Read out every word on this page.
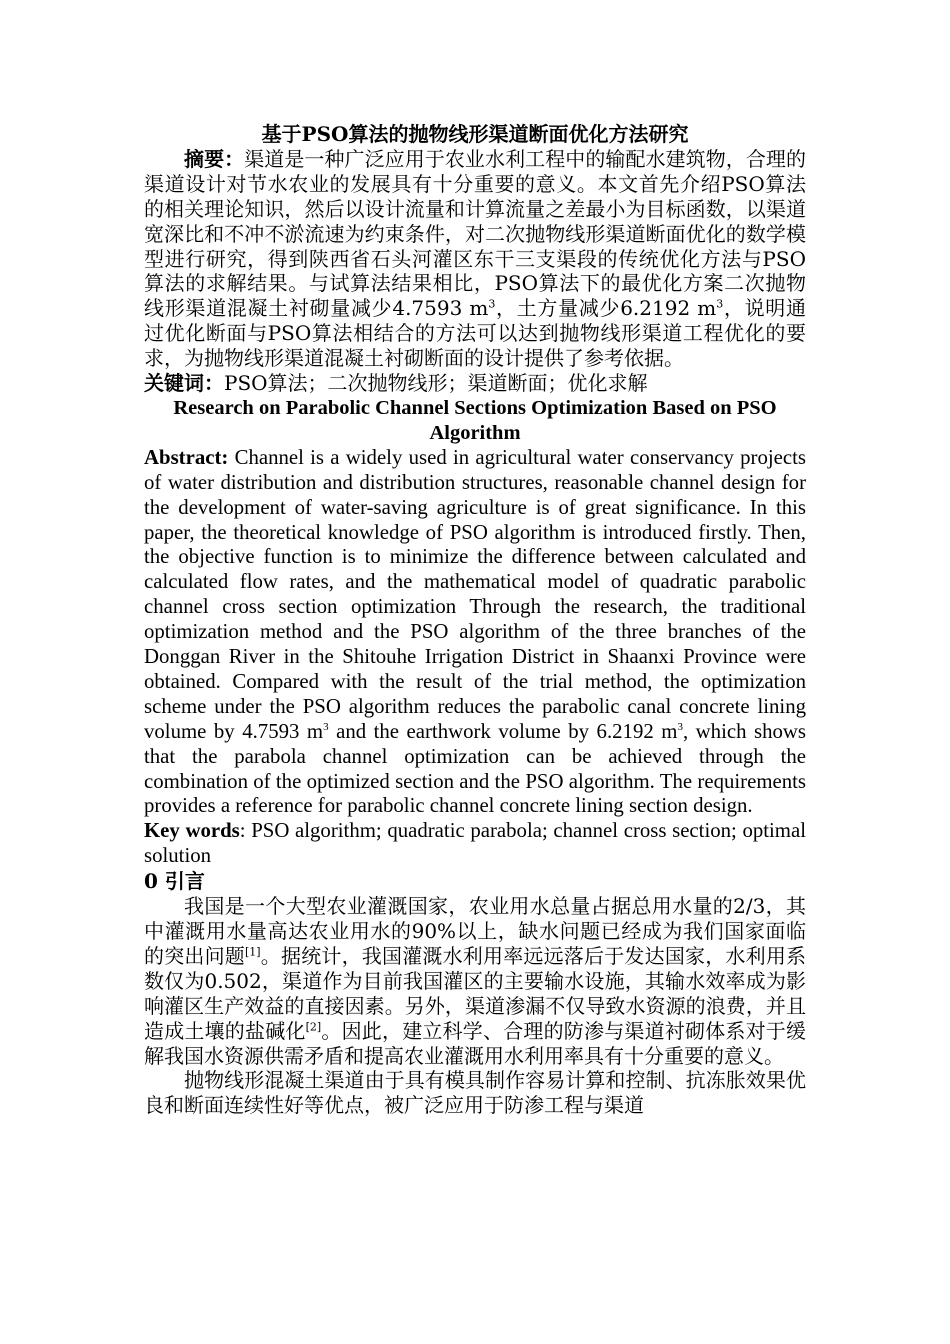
基于PSO算法的抛物线形渠道断面优化方法研究

摘要：渠道是一种广泛应用于农业水利工程中的输配水建筑物，合理的渠道设计对节水农业的发展具有十分重要的意义。本文首先介绍PSO算法的相关理论知识，然后以设计流量和计算流量之差最小为目标函数，以渠道宽深比和不冲不淤流速为约束条件，对二次抛物线形渠道断面优化的数学模型进行研究，得到陕西省石头河灌区东干三支渠段的传统优化方法与PSO算法的求解结果。与试算法结果相比，PSO算法下的最优化方案二次抛物线形渠道混凝土衬砌量减少4.7593 $m^3$，土方量减少6.2192 $m^3$，说明通过优化断面与PSO算法相结合的方法可以达到抛物线形渠道工程优化的要求，为抛物线形渠道混凝土衬砌断面的设计提供了参考依据。

关键词：PSO算法；二次抛物线形；渠道断面；优化求解

Research on Parabolic Channel Sections Optimization Based on PSO Algorithm

Abstract: Channel is a widely used in agricultural water conservancy projects of water distribution and distribution structures, reasonable channel design for the development of water-saving agriculture is of great significance. In this paper, the theoretical knowledge of PSO algorithm is introduced firstly. Then, the objective function is to minimize the difference between calculated and calculated flow rates, and the mathematical model of quadratic parabolic channel cross section optimization Through the research, the traditional optimization method and the PSO algorithm of the three branches of the Donggan River in the Shitouhe Irrigation District in Shaanxi Province were obtained. Compared with the result of the trial method, the optimization scheme under the PSO algorithm reduces the parabolic canal concrete lining volume by 4.7593 $m^3$ and the earthwork volume by 6.2192 $m^3$, which shows that the parabola channel optimization can be achieved through the combination of the optimized section and the PSO algorithm. The requirements provides a reference for parabolic channel concrete lining section design.

Key words: PSO algorithm; quadratic parabola; channel cross section; optimal solution

0 引言

我国是一个大型农业灌溉国家，农业用水总量占据总用水量的2/3，其中灌溉用水量高达农业用水的90%以上，缺水问题已经成为我们国家面临的突出问题[1]。据统计，我国灌溉水利用率远远落后于发达国家，水利用系数仅为0.502，渠道作为目前我国灌区的主要输水设施，其输水效率成为影响灌区生产效益的直接因素。另外，渠道渗漏不仅导致水资源的浪费，并且造成土壤的盐碱化[2]。因此，建立科学、合理的防渗与渠道衬砌体系对于缓解我国水资源供需矛盾和提高农业灌溉用水利用率具有十分重要的意义。

抛物线形混凝土渠道由于具有模具制作容易计算和控制、抗冻胀效果优良和断面连续性好等优点，被广泛应用于防渗工程与渠道
